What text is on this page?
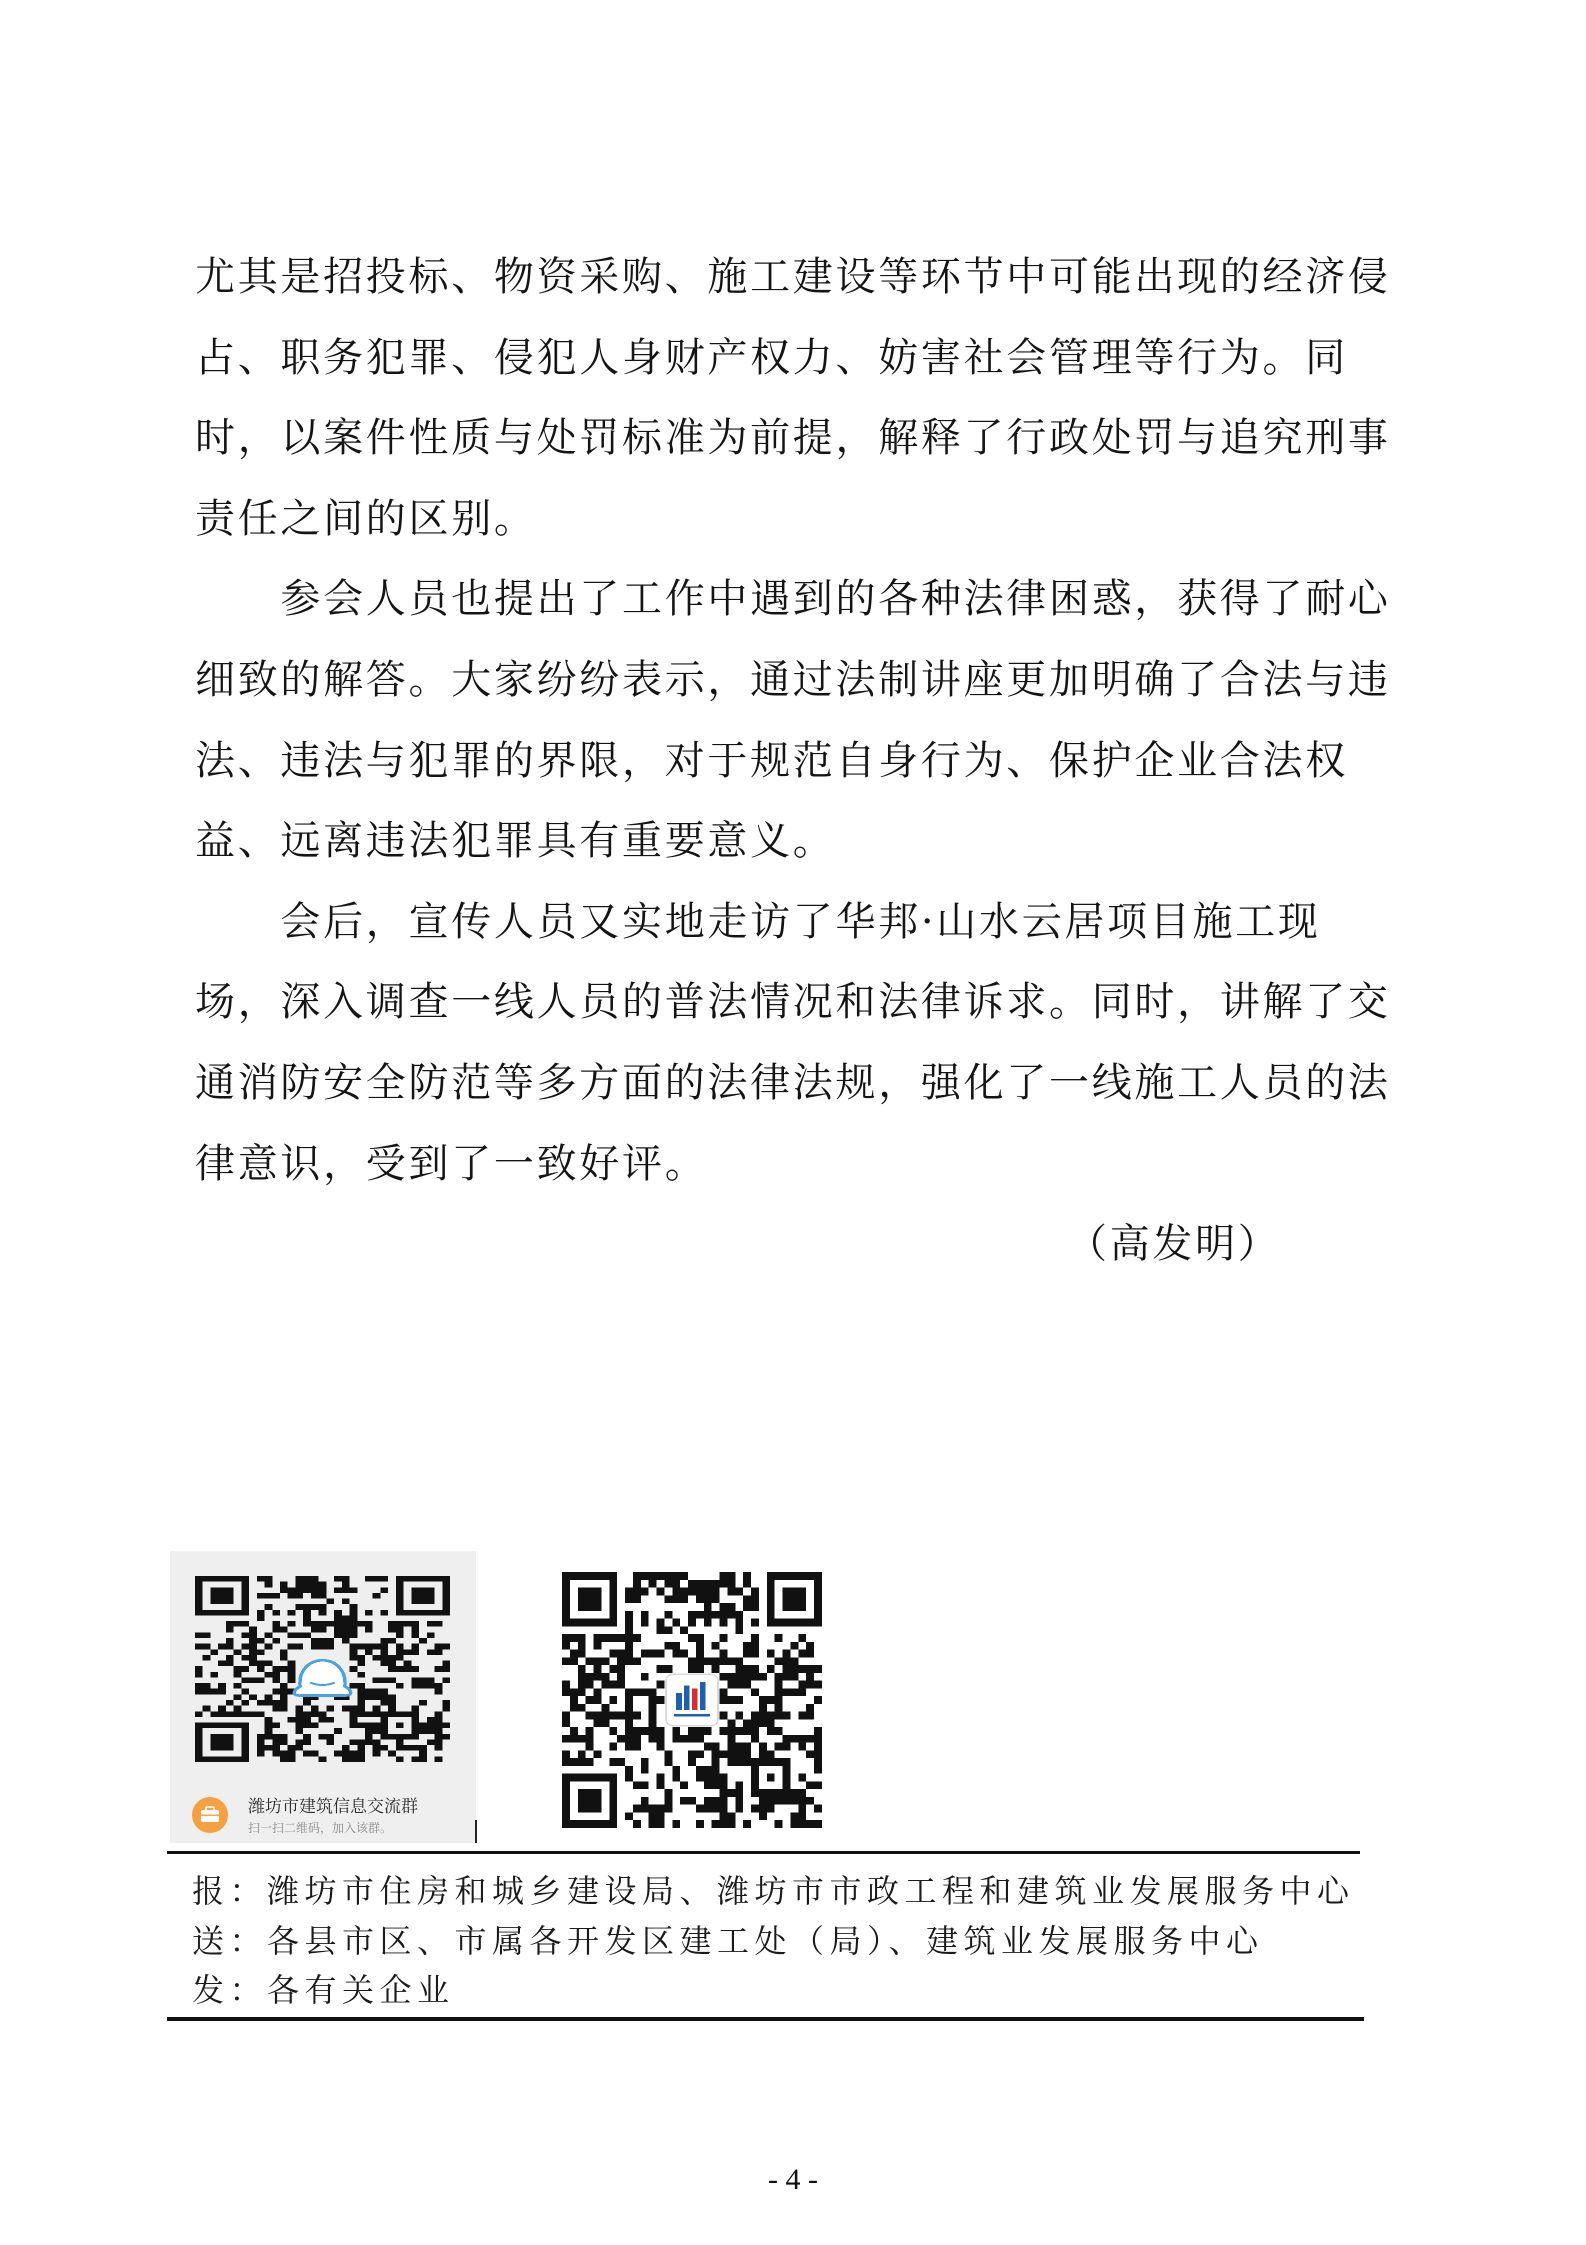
尤其是招投标、物资采购、施工建设等环节中可能出现的经济侵
占、职务犯罪、侵犯人身财产权力、妨害社会管理等行为。同
时，以案件性质与处罚标准为前提，解释了行政处罚与追究刑事
责任之间的区别。
参会人员也提出了工作中遇到的各种法律困惑，获得了耐心
细致的解答。大家纷纷表示，通过法制讲座更加明确了合法与违
法、违法与犯罪的界限，对于规范自身行为、保护企业合法权
益、远离违法犯罪具有重要意义。
会后，宣传人员又实地走访了华邦·山水云居项目施工现
场，深入调查一线人员的普法情况和法律诉求。同时，讲解了交
通消防安全防范等多方面的法律法规，强化了一线施工人员的法
律意识，受到了一致好评。
（高发明）
潍坊市建筑信息交流群
扫一扫二维码，加入该群。
报：潍坊市住房和城乡建设局、潍坊市市政工程和建筑业发展服务中心
送：各县市区、市属各开发区建工处（局）、建筑业发展服务中心
发：各有关企业
- 4 -
